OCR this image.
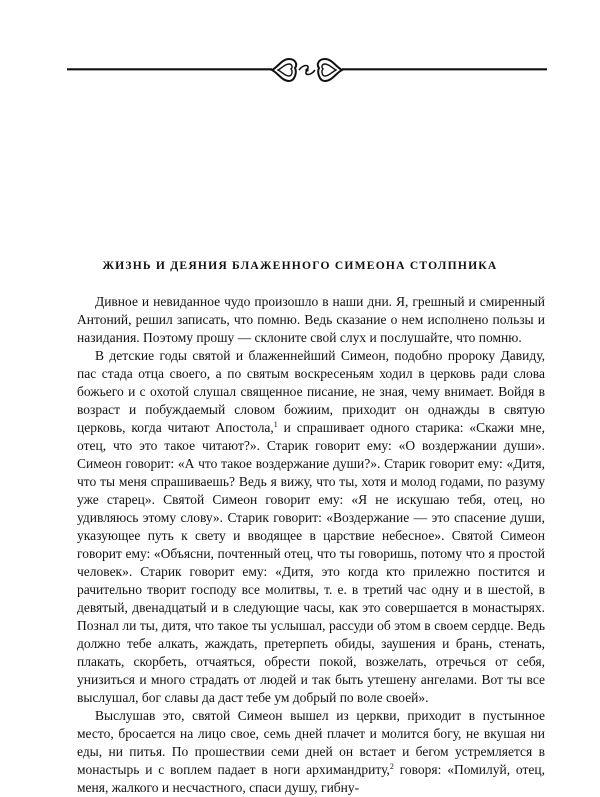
ЖИЗНЬ И ДЕЯНИЯ БЛАЖЕННОГО СИМЕОНА СТОЛПНИКА

Дивное и невиданное чудо произошло в наши дни. Я, грешный и смиренный Антоний, решил записать, что помню. Ведь сказание о нем исполнено пользы и назидания. Поэтому прошу — склоните свой слух и послушайте, что помню.

В детские годы святой и блаженнейший Симеон, подобно пророку Давиду, пас стада отца своего, а по святым воскресеньям ходил в церковь ради слова божьего и с охотой слушал священное писание, не зная, чему внимает. Войдя в возраст и побуждаемый словом божиим, приходит он однажды в святую церковь, когда читают Апостола,$^1$ и спрашивает одного старика: «Скажи мне, отец, что это такое читают?». Старик говорит ему: «О воздержании души». Симеон говорит: «А что такое воздержание души?». Старик говорит ему: «Дитя, что ты меня спрашиваешь? Ведь я вижу, что ты, хотя и молод годами, по разуму уже старец». Святой Симеон говорит ему: «Я не искушаю тебя, отец, но удивляюсь этому слову». Старик говорит: «Воздержание — это спасение души, указующее путь к свету и вводящее в царствие небесное». Святой Симеон говорит ему: «Объясни, почтенный отец, что ты говоришь, потому что я простой человек». Старик говорит ему: «Дитя, это когда кто прилежно постится и рачительно творит господу все молитвы, т. е. в третий час одну и в шестой, в девятый, двенадцатый и в следующие часы, как это совершается в монастырях. Познал ли ты, дитя, что такое ты услышал, рассуди об этом в своем сердце. Ведь должно тебе алкать, жаждать, претерпеть обиды, заушения и брань, стенать, плакать, скорбеть, отчаяться, обрести покой, возжелать, отречься от себя, унизиться и много страдать от людей и так быть утешену ангелами. Вот ты все выслушал, бог славы да даст тебе ум добрый по воле своей».

Выслушав это, святой Симеон вышел из церкви, приходит в пустынное место, бросается на лицо свое, семь дней плачет и молится богу, не вкушая ни еды, ни питья. По прошествии семи дней он встает и бегом устремляется в монастырь и с воплем падает в ноги архимандриту,$^2$ говоря: «Помилуй, отец, меня, жалкого и несчастного, спаси душу, гибну-
